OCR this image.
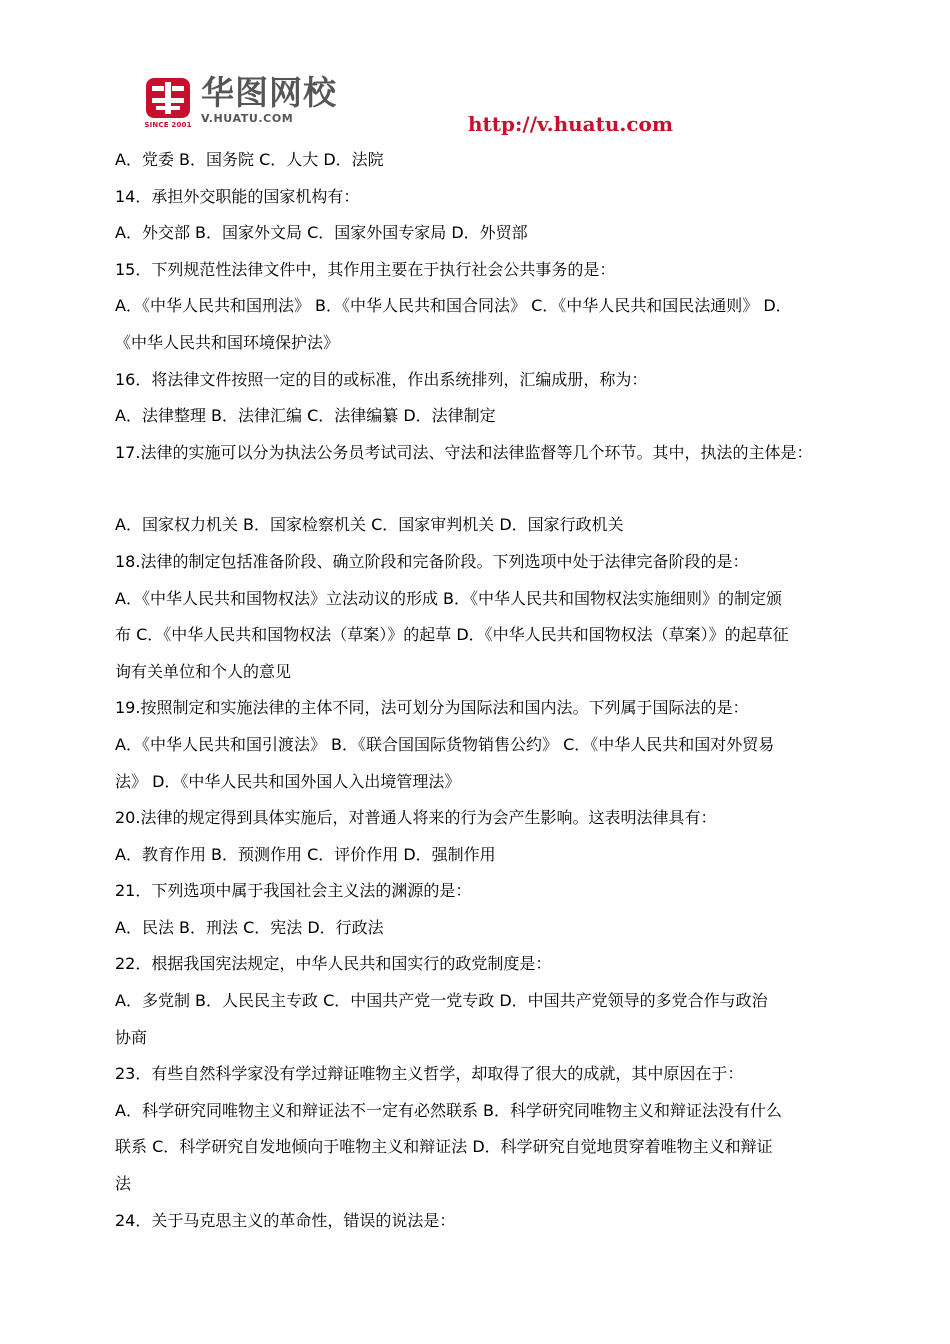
SINCE 2001
华图网校
V.HUATU.COM	http://v.huatu.com

A．党委 B．国务院 C．人大 D．法院

14．承担外交职能的国家机构有：

A．外交部 B．国家外文局 C．国家外国专家局 D．外贸部

15．下列规范性法律文件中，其作用主要在于执行社会公共事务的是：

A．《中华人民共和国刑法》 B．《中华人民共和国合同法》 C．《中华人民共和国民法通则》 D．

《中华人民共和国环境保护法》

16．将法律文件按照一定的目的或标准，作出系统排列，汇编成册，称为：

A．法律整理 B．法律汇编 C．法律编纂 D．法律制定

17.法律的实施可以分为执法公务员考试司法、守法和法律监督等几个环节。其中，执法的主体是：

A．国家权力机关 B．国家检察机关 C．国家审判机关 D．国家行政机关

18.法律的制定包括准备阶段、确立阶段和完备阶段。下列选项中处于法律完备阶段的是：

A．《中华人民共和国物权法》立法动议的形成 B．《中华人民共和国物权法实施细则》的制定颁

布 C．《中华人民共和国物权法（草案）》的起草 D．《中华人民共和国物权法（草案）》的起草征

询有关单位和个人的意见

19.按照制定和实施法律的主体不同，法可划分为国际法和国内法。下列属于国际法的是：

A．《中华人民共和国引渡法》 B．《联合国国际货物销售公约》 C．《中华人民共和国对外贸易

法》 D．《中华人民共和国外国人入出境管理法》

20.法律的规定得到具体实施后，对普通人将来的行为会产生影响。这表明法律具有：

A．教育作用 B．预测作用 C．评价作用 D．强制作用

21．下列选项中属于我国社会主义法的渊源的是：

A．民法 B．刑法 C．宪法 D．行政法

22．根据我国宪法规定，中华人民共和国实行的政党制度是：

A．多党制 B．人民民主专政 C．中国共产党一党专政 D．中国共产党领导的多党合作与政治

协商

23．有些自然科学家没有学过辩证唯物主义哲学，却取得了很大的成就，其中原因在于：

A．科学研究同唯物主义和辩证法不一定有必然联系 B．科学研究同唯物主义和辩证法没有什么

联系 C．科学研究自发地倾向于唯物主义和辩证法 D．科学研究自觉地贯穿着唯物主义和辩证

法

24．关于马克思主义的革命性，错误的说法是：
